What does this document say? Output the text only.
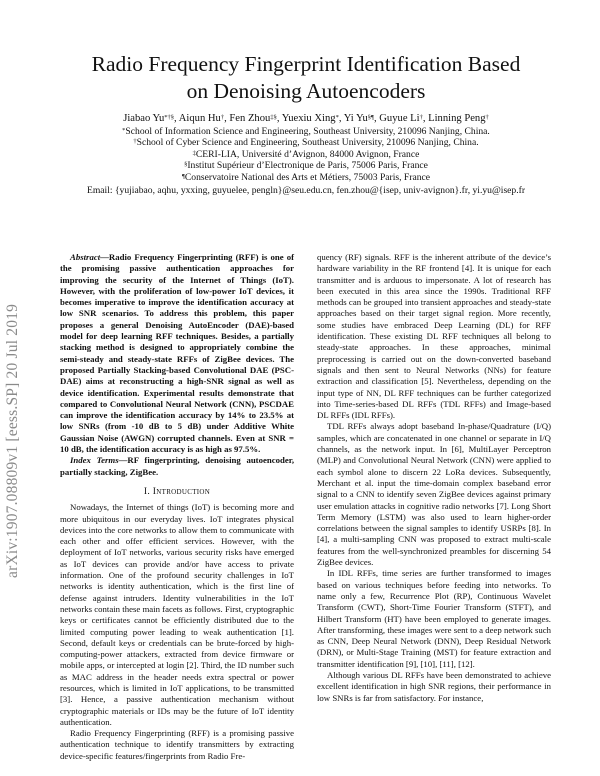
arXiv:1907.08809v1 [eess.SP] 20 Jul 2019
Radio Frequency Fingerprint Identification Based
on Denoising Autoencoders
Jiabao Yu*†§, Aiqun Hu†, Fen Zhou‡§, Yuexiu Xing*, Yi Yu§¶, Guyue Li†, Linning Peng†
*School of Information Science and Engineering, Southeast University, 210096 Nanjing, China.
†School of Cyber Science and Engineering, Southeast University, 210096 Nanjing, China.
‡CERI-LIA, Université d’Avignon, 84000 Avignon, France
§Institut Supérieur d’Electronique de Paris, 75006 Paris, France
¶Conservatoire National des Arts et Métiers, 75003 Paris, France
Email: {yujiabao, aqhu, yxxing, guyuelee, pengln}@seu.edu.cn, fen.zhou@{isep, univ-avignon}.fr, yi.yu@isep.fr

Abstract—Radio Frequency Fingerprinting (RFF) is one of the promising passive authentication approaches for improving the security of the Internet of Things (IoT). However, with the proliferation of low-power IoT devices, it becomes imperative to improve the identification accuracy at low SNR scenarios. To address this problem, this paper proposes a general Denoising AutoEncoder (DAE)-based model for deep learning RFF techniques. Besides, a partially stacking method is designed to appropriately combine the semi-steady and steady-state RFFs of ZigBee devices. The proposed Partially Stacking-based Convolutional DAE (PSC-DAE) aims at reconstructing a high-SNR signal as well as device identification. Experimental results demonstrate that compared to Convolutional Neural Network (CNN), PSCDAE can improve the identification accuracy by 14% to 23.5% at low SNRs (from -10 dB to 5 dB) under Additive White Gaussian Noise (AWGN) corrupted channels. Even at SNR = 10 dB, the identification accuracy is as high as 97.5%.

Index Terms—RF fingerprinting, denoising autoencoder, partially stacking, ZigBee.

I. Introduction

Nowadays, the Internet of things (IoT) is becoming more and more ubiquitous in our everyday lives. IoT integrates physical devices into the core networks to allow them to communicate with each other and offer efficient services. However, with the deployment of IoT networks, various security risks have emerged as IoT devices can provide and/or have access to private information. One of the profound security challenges in IoT networks is identity authentication, which is the first line of defense against intruders. Identity vulnerabilities in the IoT networks contain these main facets as follows. First, cryptographic keys or certificates cannot be efficiently distributed due to the limited computing power leading to weak authentication [1]. Second, default keys or credentials can be brute-forced by high-computing-power attackers, extracted from device firmware or mobile apps, or intercepted at login [2]. Third, the ID number such as MAC address in the header needs extra spectral or power resources, which is limited in IoT applications, to be transmitted [3]. Hence, a passive authentication mechanism without cryptographic materials or IDs may be the future of IoT identity authentication.

Radio Frequency Fingerprinting (RFF) is a promising passive authentication technique to identify transmitters by extracting device-specific features/fingerprints from Radio Fre-

quency (RF) signals. RFF is the inherent attribute of the device’s hardware variability in the RF frontend [4]. It is unique for each transmitter and is arduous to impersonate. A lot of research has been executed in this area since the 1990s. Traditional RFF methods can be grouped into transient approaches and steady-state approaches based on their target signal region. More recently, some studies have embraced Deep Learning (DL) for RFF identification. These existing DL RFF techniques all belong to steady-state approaches. In these approaches, minimal preprocessing is carried out on the down-converted baseband signals and then sent to Neural Networks (NNs) for feature extraction and classification [5]. Nevertheless, depending on the input type of NN, DL RFF techniques can be further categorized into Time-series-based DL RFFs (TDL RFFs) and Image-based DL RFFs (IDL RFFs).

TDL RFFs always adopt baseband In-phase/Quadrature (I/Q) samples, which are concatenated in one channel or separate in I/Q channels, as the network input. In [6], MultiLayer Perceptron (MLP) and Convolutional Neural Network (CNN) were applied to each symbol alone to discern 22 LoRa devices. Subsequently, Merchant et al. input the time-domain complex baseband error signal to a CNN to identify seven ZigBee devices against primary user emulation attacks in cognitive radio networks [7]. Long Short Term Memory (LSTM) was also used to learn higher-order correlations between the signal samples to identify USRPs [8]. In [4], a multi-sampling CNN was proposed to extract multi-scale features from the well-synchronized preambles for discerning 54 ZigBee devices.

In IDL RFFs, time series are further transformed to images based on various techniques before feeding into networks. To name only a few, Recurrence Plot (RP), Continuous Wavelet Transform (CWT), Short-Time Fourier Transform (STFT), and Hilbert Transform (HT) have been employed to generate images. After transforming, these images were sent to a deep network such as CNN, Deep Neural Network (DNN), Deep Residual Network (DRN), or Multi-Stage Training (MST) for feature extraction and transmitter identification [9], [10], [11], [12].

Although various DL RFFs have been demonstrated to achieve excellent identification in high SNR regions, their performance in low SNRs is far from satisfactory. For instance,
